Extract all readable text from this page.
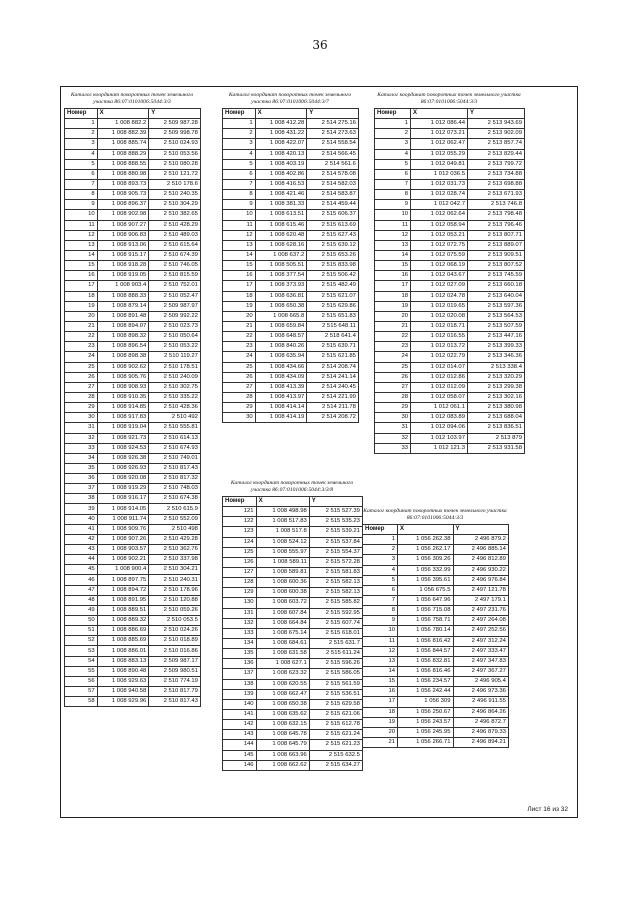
36
Каталог координат поворотных точек земельного участка 86:07:0101006:5044:3/3
Номер	X	Y
1	1 008 882.2	2 509 987.28
2	1 008 882.39	2 509 998.78
3	1 008 885.74	2 510 024.93
4	1 008 888.29	2 510 053.56
5	1 008 888.55	2 510 080.28
6	1 008 880.98	2 510 121.72
7	1 008 893.73	2 510 178.6
8	1 008 905.73	2 510 240.35
9	1 008 896.37	2 510 304.29
10	1 008 902.98	2 510 382.65
11	1 008 907.27	2 510 428.29
12	1 008 906.83	2 510 489.03
13	1 008 913.06	2 510 615.64
14	1 008 915.17	2 510 674.39
15	1 008 918.28	2 510 746.05
16	1 008 919.05	2 510 815.59
17	1 008 903.4	2 510 752.01
18	1 008 888.33	2 510 052.47
19	1 008 879.14	2 509 987.97
20	1 008 891.48	2 509 992.22
21	1 008 894.07	2 510 023.73
22	1 008 898.32	2 510 050.64
23	1 008 896.54	2 510 053.22
24	1 008 898.38	2 510 119.27
25	1 008 902.62	2 510 178.51
26	1 008 905.76	2 510 240.09
27	1 008 908.93	2 510 302.75
28	1 008 910.35	2 510 335.22
29	1 008 914.85	2 510 428.36
30	1 008 917.83	2 510 492
31	1 008 919.04	2 510 555.81
32	1 008 921.73	2 510 614.13
33	1 008 924.53	2 510 674.93
34	1 008 926.38	2 510 749.01
35	1 008 926.93	2 510 817.43
36	1 008 920.08	2 510 817.32
37	1 008 919.29	2 510 748.03
38	1 008 916.17	2 510 674.38
39	1 008 914.05	2 510 615.9
40	1 008 911.74	2 510 552.09
41	1 008 909.76	2 510 498
42	1 008 907.26	2 510 429.28
43	1 008 903.57	2 510 362.76
44	1 008 902.21	2 510 337.98
45	1 008 900.4	2 510 304.21
46	1 008 897.75	2 510 240.31
47	1 008 894.72	2 510 178.96
48	1 008 891.95	2 510 120.88
49	1 008 889.51	2 510 059.26
50	1 008 889.32	2 510 053.5
51	1 008 886.69	2 510 024.26
52	1 008 885.69	2 510 018.89
53	1 008 886.01	2 510 016.86
54	1 008 883.13	2 509 987.17
55	1 008 890.48	2 509 980.51
56	1 008 929.63	2 510 774.19
57	1 008 940.58	2 510 817.79
58	1 008 929.96	2 510 817.43
Каталог координат поворотных точек земельного участка 86:07:0101006:5044:3/7
Номер	X	Y
1	1 008 412.28	2 514 275.16
2	1 008 431.22	2 514 273.63
3	1 008 422.07	2 514 558.54
4	1 008 420.13	2 514 566.45
5	1 008 403.19	2 514 561.6
6	1 008 402.86	2 514 578.08
7	1 008 416.53	2 514 582.03
8	1 008 421.46	2 514 583.87
9	1 008 381.33	2 514 459.44
10	1 008 613.51	2 515 606.37
11	1 008 615.46	2 515 613.69
12	1 008 620.48	2 515 627.43
13	1 008 628.16	2 515 639.12
14	1 008 637.2	2 515 653.26
15	1 008 505.51	2 515 833.98
16	1 008 377.54	2 515 506.42
17	1 008 373.93	2 515 482.49
18	1 008 636.81	2 515 621.07
19	1 008 650.38	2 515 629.86
20	1 008 665.8	2 515 651.83
21	1 008 659.84	2 515 648.11
22	1 008 648.57	2 518 641.4
23	1 008 840.26	2 515 639.71
24	1 008 635.94	2 515 621.85
25	1 008 434.66	2 514 208.74
26	1 008 434.09	2 514 241.14
27	1 008 413.39	2 514 240.45
28	1 008 413.97	2 514 221.99
29	1 008 414.14	2 514 211.78
30	1 008 414.19	2 514 208.72
Каталог координат поворотных точек земельного участка 86:07:0101006:5044:3/3
Номер	X	Y
1	1 012 086.44	2 513 943.69
2	1 012 073.21	2 513 902.09
3	1 012 062.47	2 513 857.74
4	1 012 055.29	2 513 829.44
5	1 012 049.81	2 513 799.72
6	1 012 036.5	2 513 734.88
7	1 012 031.73	2 513 698.88
8	1 012 028.74	2 513 671.93
9	1 012 042.7	2 513 746.8
10	1 012 062.64	2 513 798.48
11	1 012 058.94	2 513 796.46
12	1 012 053.21	2 513 807.71
13	1 012 072.75	2 513 889.07
14	1 012 075.59	2 513 909.51
15	1 012 068.19	2 513 807.52
16	1 012 043.67	2 513 745.59
17	1 012 027.09	2 513 660.18
18	1 012 024.78	2 513 640.04
19	1 012 019.65	2 513 597.36
20	1 012 020.08	2 513 564.53
21	1 012 018.71	2 513 507.59
22	1 012 016.55	2 513 447.16
23	1 012 013.72	2 513 399.33
24	1 012 022.79	2 513 346.36
25	1 012 014.07	2 513 338.4
26	1 012 012.86	2 513 320.29
27	1 012 012.09	2 513 299.38
28	1 012 058.07	2 513 302.16
29	1 012 061.1	2 513 380.98
30	1 012 083.89	2 513 688.04
31	1 012 094.06	2 513 836.51
32	1 012 103.97	2 513 879
33	1 012 121.3	2 513 931.58
Каталог координат поворотных точек земельного участка 86:07:0101006:5044:3/3/8
Номер	X	Y
121	1 008 498.98	2 515 527.39
122	1 008 517.83	2 515 535.23
123	1 008 517.8	2 515 539.21
124	1 008 524.12	2 515 537.84
125	1 008 555.97	2 515 554.37
126	1 008 589.11	2 515 572.28
127	1 008 589.81	2 515 581.83
128	1 008 600.36	2 515 582.13
129	1 008 600.38	2 515 582.13
130	1 008 603.72	2 515 585.82
131	1 008 607.84	2 515 592.95
132	1 008 664.84	2 515 607.74
133	1 008 675.14	2 515 618.01
134	1 008 684.61	2 515 631.7
135	1 008 631.58	2 515 611.24
136	1 008 627.1	2 515 596.26
137	1 008 623.32	2 515 586.05
138	1 008 620.55	2 515 561.59
139	1 008 662.47	2 515 536.51
140	1 008 650.38	2 515 629.58
141	1 008 635.62	2 515 621.06
142	1 008 632.15	2 515 612.78
143	1 008 645.78	2 515 621.24
144	1 008 645.79	2 515 621.23
145	1 008 663.96	2 515 632.5
146	1 008 662.62	2 515 634.27
Каталог координат поворотных точек земельного участка 86:07:0101006:5044:3/3
Номер	X	Y
1	1 056 262.38	2 496 879.2
2	1 056 262.17	2 496 885.14
3	1 056 309.26	2 496 812.89
4	1 056 332.99	2 496 930.22
5	1 056 395.61	2 496 976.84
6	1 056 675.5	2 497 121.78
7	1 056 647.96	2 497 179.1
8	1 056 715.08	2 497 231.76
9	1 056 758.71	2 497 264.08
10	1 056 780.14	2 497 252.56
11	1 056 816.42	2 497 312.24
12	1 056 844.57	2 497 333.47
13	1 056 832.81	2 497 347.83
14	1 056 816.46	2 497 367.27
15	1 056 234.57	2 496 905.4
16	1 056 242.44	2 496 973.36
17	1 056 309	2 496 911.55
18	1 056 250.67	2 496 864.26
19	1 056 243.57	2 496 872.7
20	1 056 245.95	2 496 879.33
21	1 056 266.71	2 496 894.21
Лист 16 из 32
